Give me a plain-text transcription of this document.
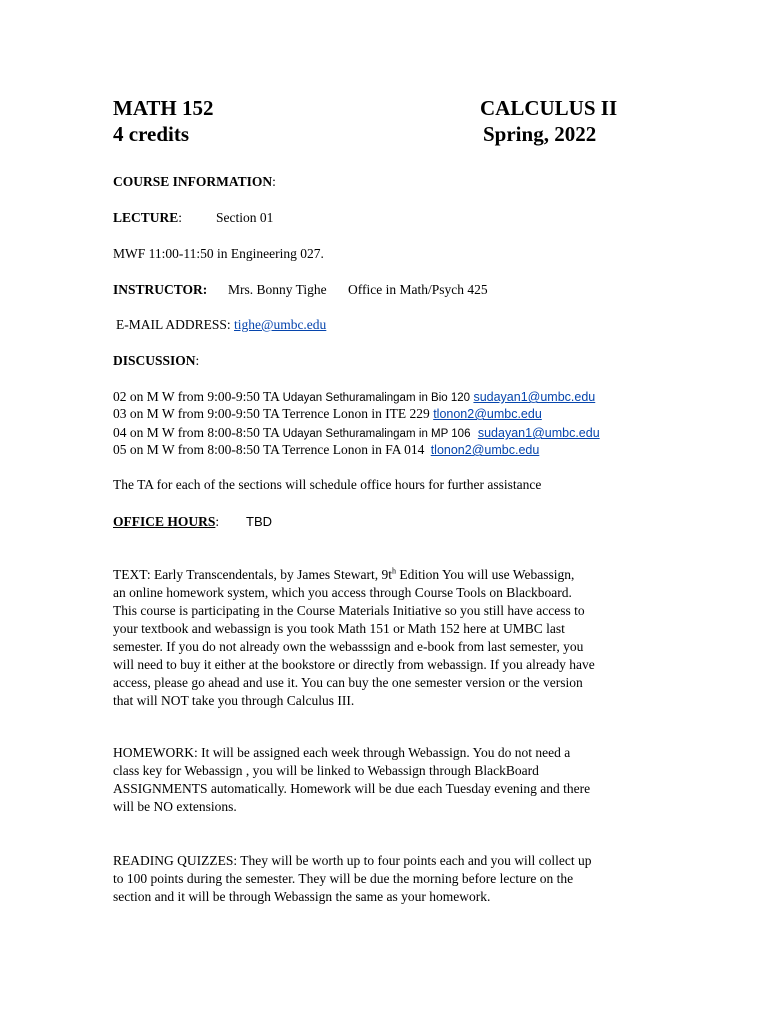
MATH 152	CALCULUS II
4 credits	Spring, 2022
COURSE INFORMATION:
LECTURE:	Section 01
MWF 11:00-11:50 in Engineering 027.
INSTRUCTOR: Mrs. Bonny Tighe Office in Math/Psych 425
E-MAIL ADDRESS: tighe@umbc.edu
DISCUSSION:
02 on M W from 9:00-9:50 TA Udayan Sethuramalingam in Bio 120 sudayan1@umbc.edu
03 on M W from 9:00-9:50 TA Terrence Lonon in ITE 229 tlonon2@umbc.edu
04 on M W from 8:00-8:50 TA Udayan Sethuramalingam in MP 106 sudayan1@umbc.edu
05 on M W from 8:00-8:50 TA Terrence Lonon in FA 014 tlonon2@umbc.edu
The TA for each of the sections will schedule office hours for further assistance
OFFICE HOURS: TBD
TEXT: Early Transcendentals, by James Stewart, $9t^h$ Edition You will use Webassign,
an online homework system, which you access through Course Tools on Blackboard.
This course is participating in the Course Materials Initiative so you still have access to
your textbook and webassign is you took Math 151 or Math 152 here at UMBC last
semester. If you do not already own the webasssign and e-book from last semester, you
will need to buy it either at the bookstore or directly from webassign. If you already have
access, please go ahead and use it. You can buy the one semester version or the version
that will NOT take you through Calculus III.
HOMEWORK: It will be assigned each week through Webassign. You do not need a
class key for Webassign , you will be linked to Webassign through BlackBoard
ASSIGNMENTS automatically. Homework will be due each Tuesday evening and there
will be NO extensions.
READING QUIZZES: They will be worth up to four points each and you will collect up
to 100 points during the semester. They will be due the morning before lecture on the
section and it will be through Webassign the same as your homework.
